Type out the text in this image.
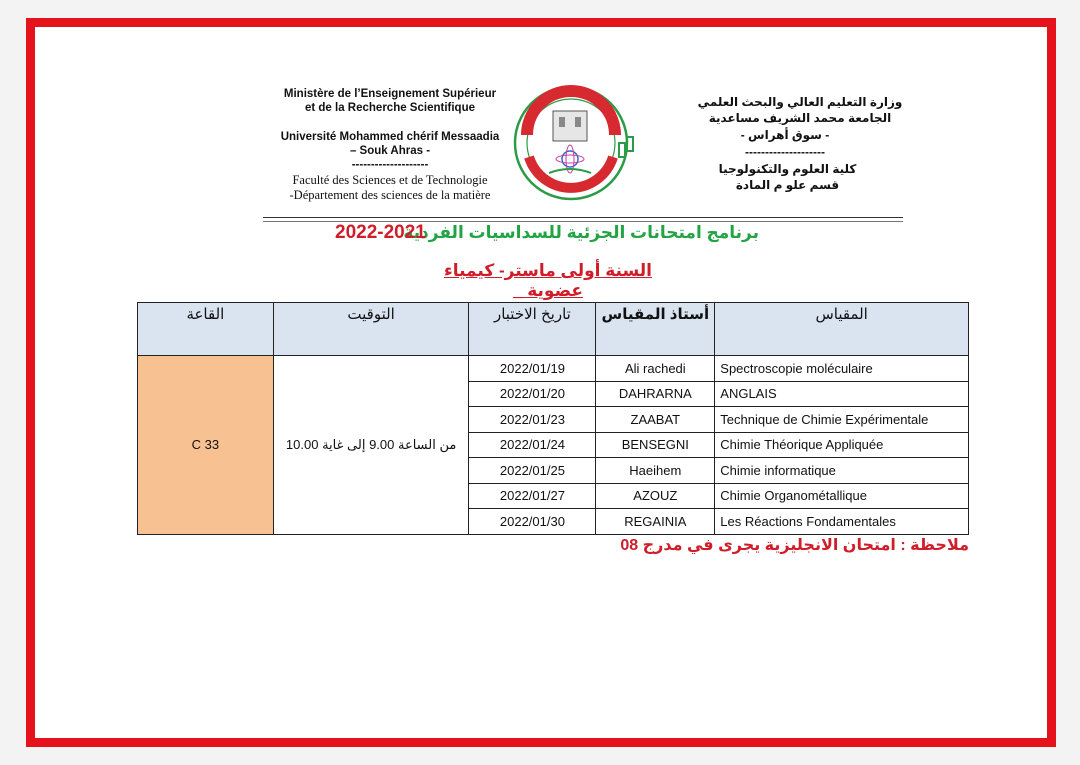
Ministère de l’Enseignement Supérieur
et de la Recherche Scientifique
Université Mohammed chérif Messaadia
– Souk Ahras -
--------------------
Faculté des Sciences et de Technologie
-Département des sciences de la matière
وزارة التعليم العالي والبحث العلمي
الجامعة محمد الشريف مساعدية
- سوق أهراس -
--------------------
كلية العلوم والتكنولوجيا
قسم علو م المادة
برنامج امتحانات الجزئية للسداسيات الفردية
2022-2021
السنة أولى ماستر- كيمياء عضوية _
القاعة	التوقيت	تاريخ الاختبار	أستاذ المقياس	المقياس
C 33	من الساعة 9.00 إلى غاية 10.00	2022/01/19	Ali rachedi	Spectroscopie moléculaire
		2022/01/20	DAHRARNA	ANGLAIS
		2022/01/23	ZAABAT	Technique de Chimie Expérimentale
		2022/01/24	BENSEGNI	Chimie Théorique Appliquée
		2022/01/25	Haeihem	Chimie informatique
		2022/01/27	AZOUZ	Chimie Organométallique
		2022/01/30	REGAINIA	Les Réactions Fondamentales
ملاحظة : امتحان الانجليزية يجرى في مدرج 08
